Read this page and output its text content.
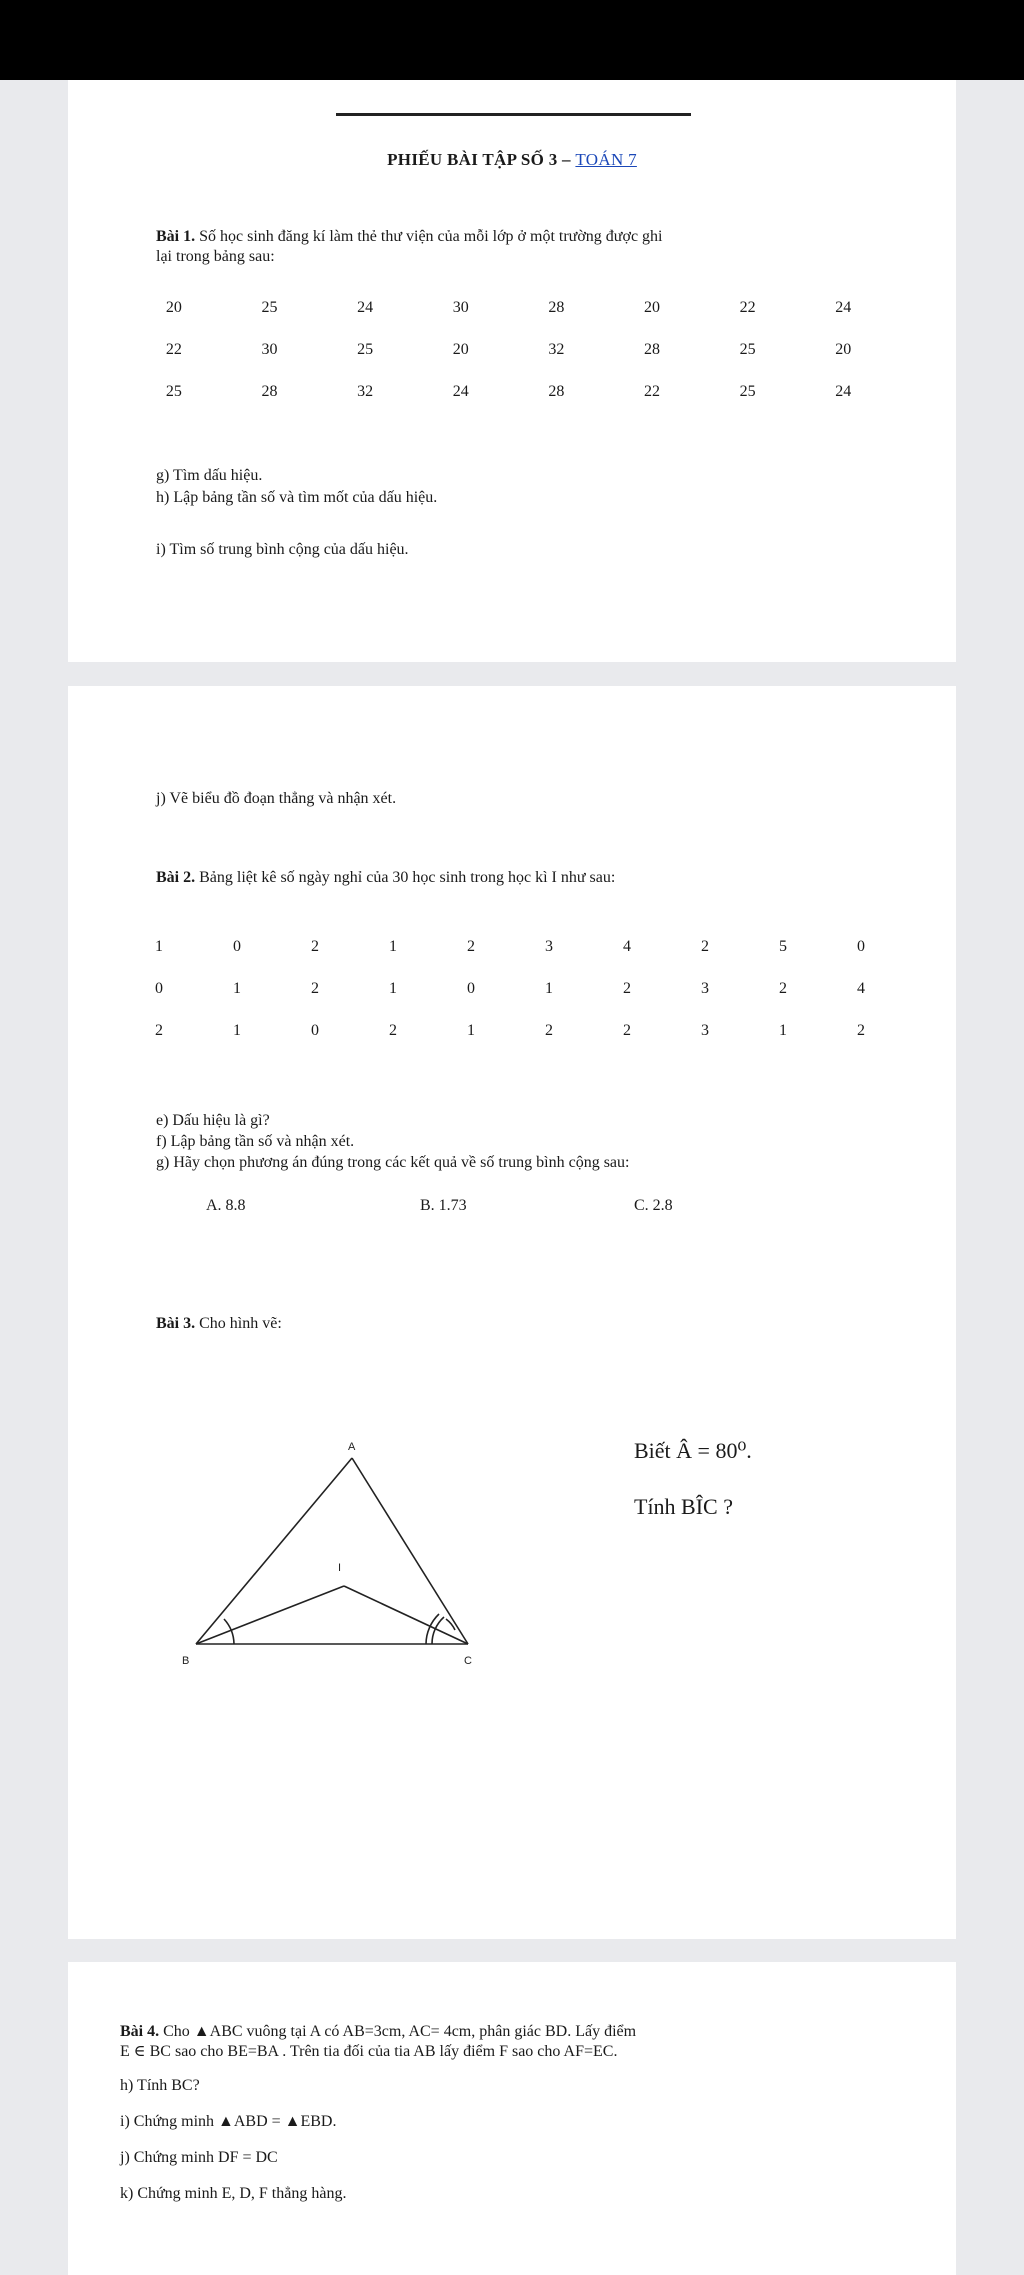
PHIẾU BÀI TẬP SỐ 3 – TOÁN 7
Bài 1. Số học sinh đăng kí làm thẻ thư viện của mỗi lớp ở một trường được ghi
lại trong bảng sau:
20	25	24	30	28	20	22	24
22	30	25	20	32	28	25	20
25	28	32	24	28	22	25	24
g) Tìm dấu hiệu.
h) Lập bảng tần số và tìm mốt của dấu hiệu.
i) Tìm số trung bình cộng của dấu hiệu.
j) Vẽ biểu đồ đoạn thẳng và nhận xét.
Bài 2. Bảng liệt kê số ngày nghỉ của 30 học sinh trong học kì I như sau:
1	0	2	1	2	3	4	2	5	0
0	1	2	1	0	1	2	3	2	4
2	1	0	2	1	2	2	3	1	2
e) Dấu hiệu là gì?
f) Lập bảng tần số và nhận xét.
g) Hãy chọn phương án đúng trong các kết quả về số trung bình cộng sau:
A. 8.8	B. 1.73	C. 2.8
Bài 3. Cho hình vẽ:
A
B	C
I
Biết Â = 80⁰.
Tính BÎC ?
Bài 4. Cho ▲ABC vuông tại A có AB=3cm, AC= 4cm, phân giác BD. Lấy điểm
E ∈ BC sao cho BE=BA . Trên tia đối của tia AB lấy điểm F sao cho AF=EC.
h) Tính BC?
i) Chứng minh ▲ABD = ▲EBD.
j) Chứng minh DF = DC
k) Chứng minh E, D, F thẳng hàng.
